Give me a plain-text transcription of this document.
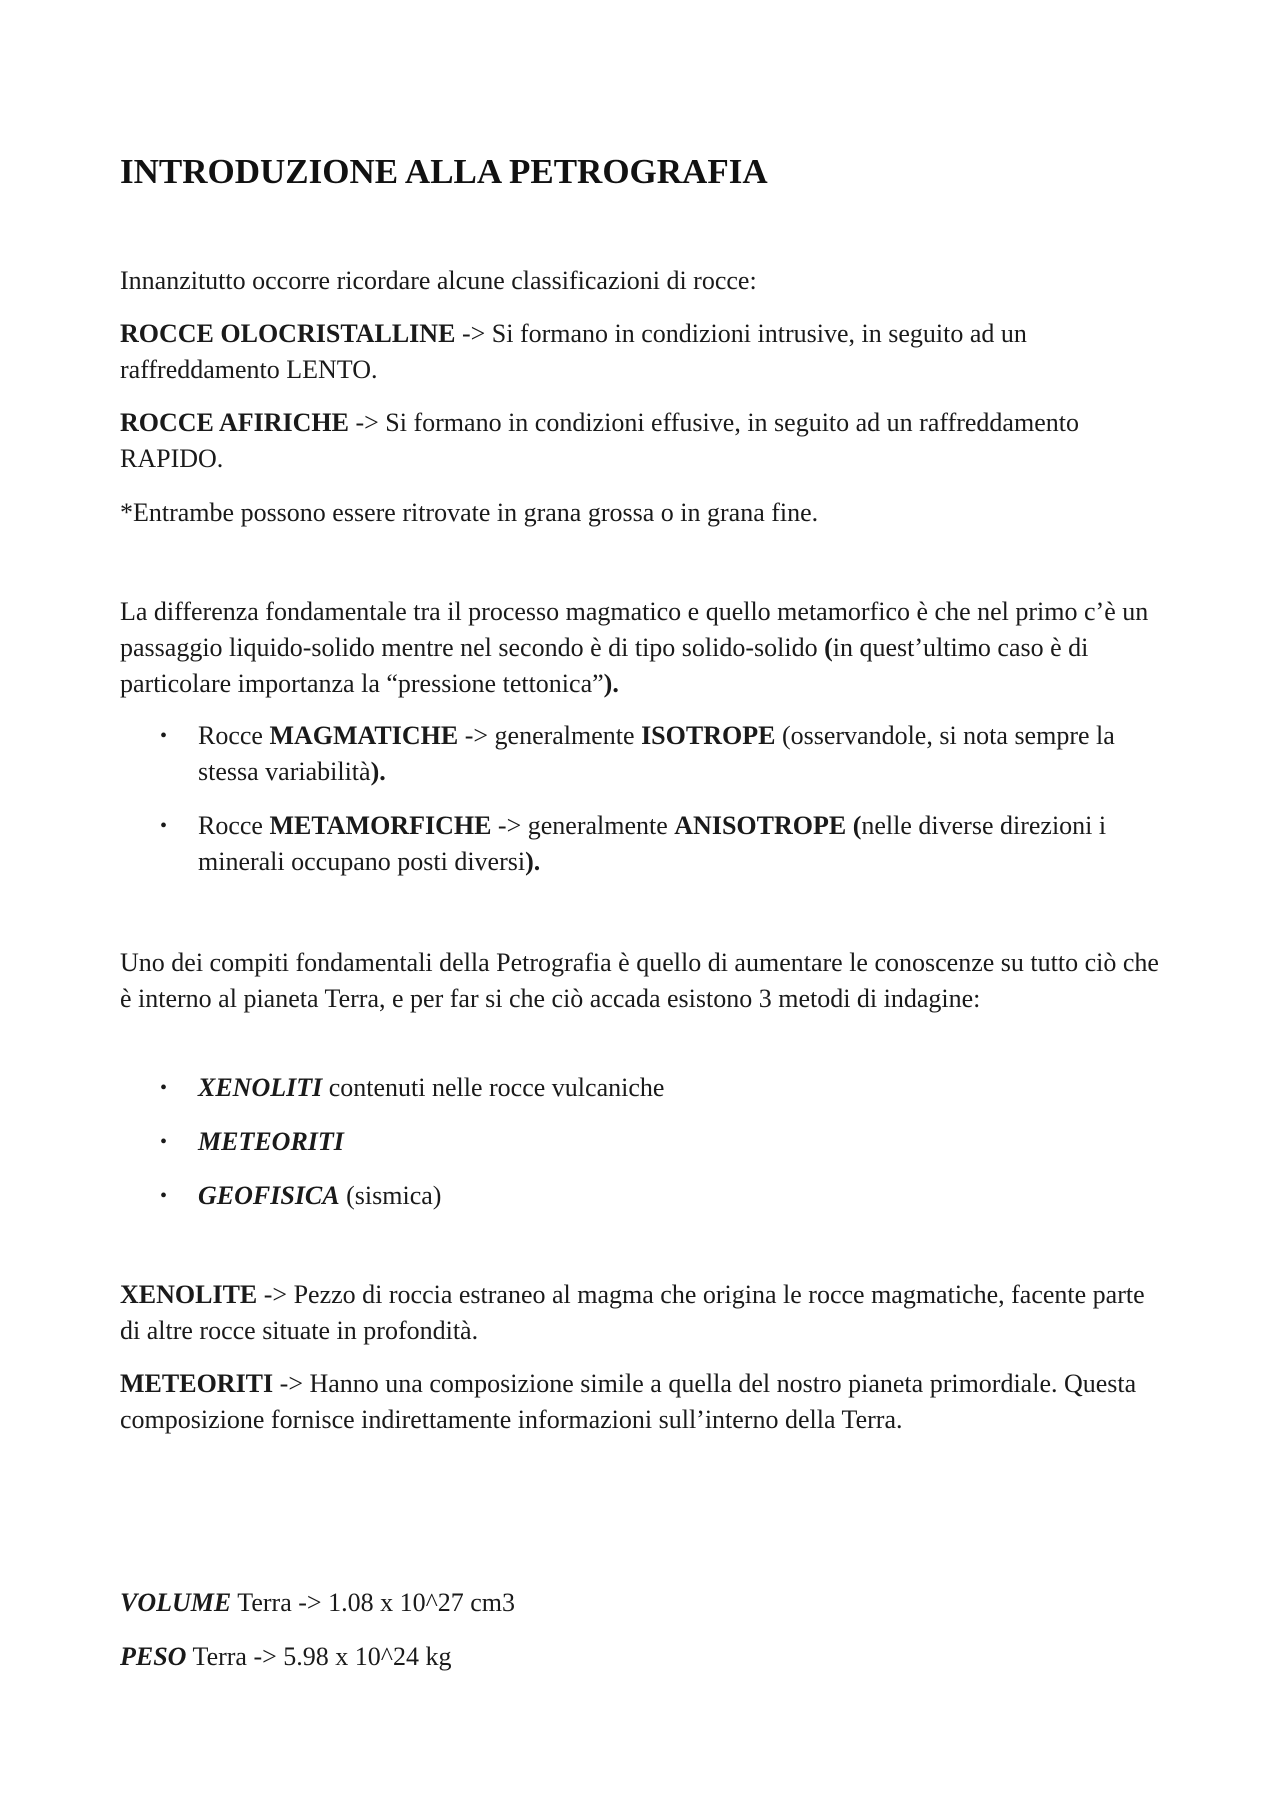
INTRODUZIONE ALLA PETROGRAFIA

Innanzitutto occorre ricordare alcune classificazioni di rocce:

ROCCE OLOCRISTALLINE -> Si formano in condizioni intrusive, in seguito ad un raffreddamento LENTO.

ROCCE AFIRICHE -> Si formano in condizioni effusive, in seguito ad un raffreddamento RAPIDO.

*Entrambe possono essere ritrovate in grana grossa o in grana fine.

La differenza fondamentale tra il processo magmatico e quello metamorfico è che nel primo c’è un passaggio liquido-solido mentre nel secondo è di tipo solido-solido (in quest’ultimo caso è di particolare importanza la “pressione tettonica”).

• Rocce MAGMATICHE -> generalmente ISOTROPE (osservandole, si nota sempre la stessa variabilità).
• Rocce METAMORFICHE -> generalmente ANISOTROPE (nelle diverse direzioni i minerali occupano posti diversi).

Uno dei compiti fondamentali della Petrografia è quello di aumentare le conoscenze su tutto ciò che è interno al pianeta Terra, e per far si che ciò accada esistono 3 metodi di indagine:

• XENOLITI contenuti nelle rocce vulcaniche
• METEORITI
• GEOFISICA (sismica)

XENOLITE -> Pezzo di roccia estraneo al magma che origina le rocce magmatiche, facente parte di altre rocce situate in profondità.

METEORITI -> Hanno una composizione simile a quella del nostro pianeta primordiale. Questa composizione fornisce indirettamente informazioni sull’interno della Terra.

VOLUME Terra -> 1.08 x 10^27 cm3

PESO Terra -> 5.98 x 10^24 kg
